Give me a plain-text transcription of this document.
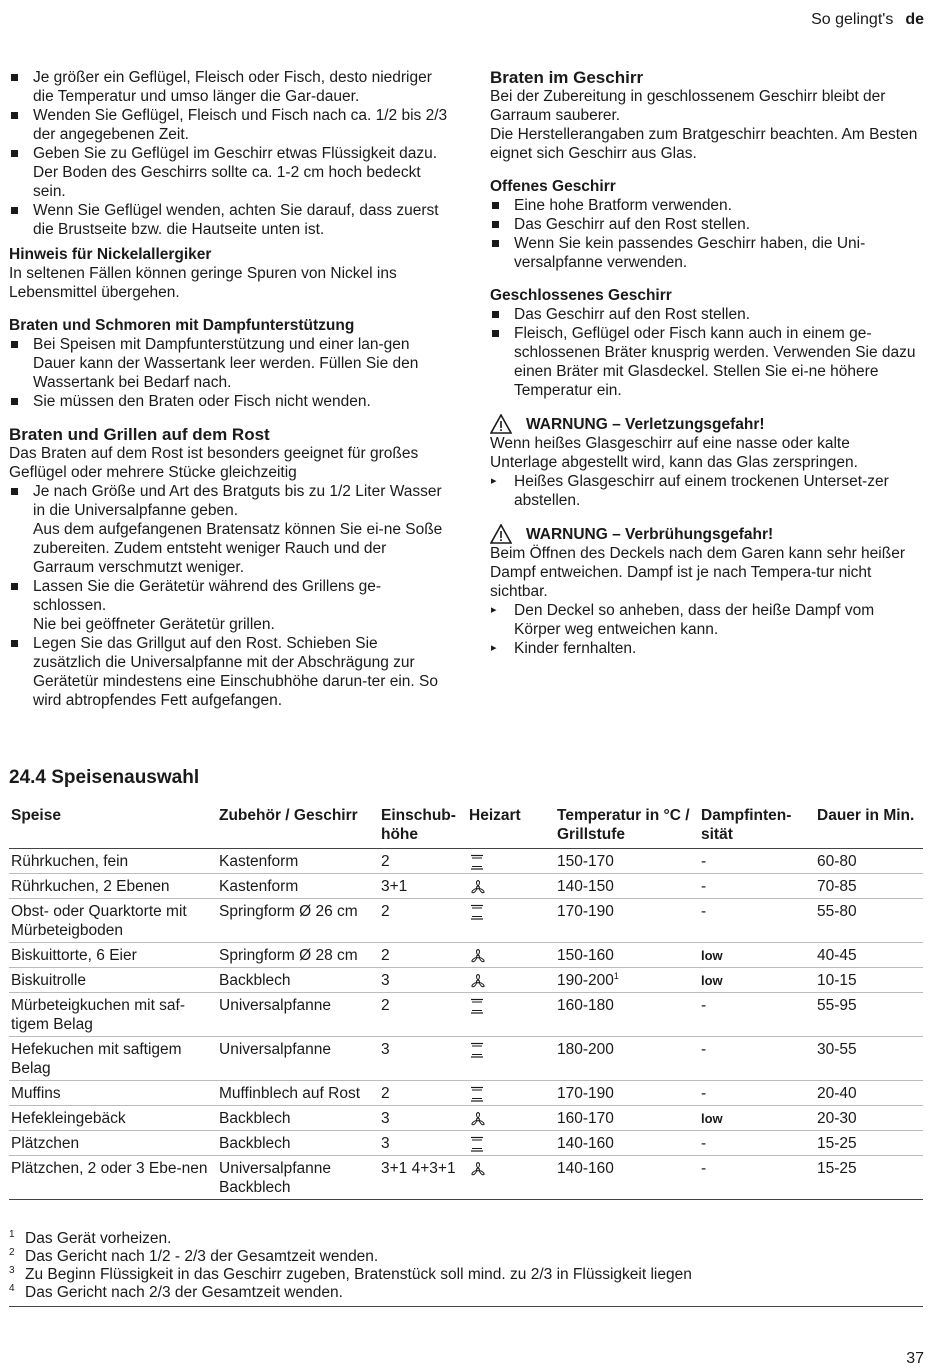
So gelingt's de
Je größer ein Geflügel, Fleisch oder Fisch, desto niedriger die Temperatur und umso länger die Gar-dauer.
Wenden Sie Geflügel, Fleisch und Fisch nach ca. 1/2 bis 2/3 der angegebenen Zeit.
Geben Sie zu Geflügel im Geschirr etwas Flüssigkeit dazu. Der Boden des Geschirrs sollte ca. 1-2 cm hoch bedeckt sein.
Wenn Sie Geflügel wenden, achten Sie darauf, dass zuerst die Brustseite bzw. die Hautseite unten ist.
Hinweis für Nickelallergiker

In seltenen Fällen können geringe Spuren von Nickel ins Lebensmittel übergehen.

Braten und Schmoren mit Dampfunterstützung
Bei Speisen mit Dampfunterstützung und einer lan-gen Dauer kann der Wassertank leer werden. Füllen Sie den Wassertank bei Bedarf nach.
Sie müssen den Braten oder Fisch nicht wenden.
Braten und Grillen auf dem Rost

Das Braten auf dem Rost ist besonders geeignet für großes Geflügel oder mehrere Stücke gleichzeitig

Je nach Größe und Art des Bratguts bis zu 1/2 Liter Wasser in die Universalpfanne geben.
Aus dem aufgefangenen Bratensatz können Sie ei-ne Soße zubereiten. Zudem entsteht weniger Rauch und der Garraum verschmutzt weniger.
Lassen Sie die Gerätetür während des Grillens ge-schlossen.
Nie bei geöffneter Gerätetür grillen.
Legen Sie das Grillgut auf den Rost. Schieben Sie zusätzlich die Universalpfanne mit der Abschrägung zur Gerätetür mindestens eine Einschubhöhe darun-ter ein. So wird abtropfendes Fett aufgefangen.
Braten im Geschirr

Bei der Zubereitung in geschlossenem Geschirr bleibt der Garraum sauberer.

Die Herstellerangaben zum Bratgeschirr beachten. Am Besten eignet sich Geschirr aus Glas.

Offenes Geschirr
Eine hohe Bratform verwenden.
Das Geschirr auf den Rost stellen.
Wenn Sie kein passendes Geschirr haben, die Uni-versalpfanne verwenden.
Geschlossenes Geschirr
Das Geschirr auf den Rost stellen.
Fleisch, Geflügel oder Fisch kann auch in einem ge-schlossenen Bräter knusprig werden. Verwenden Sie dazu einen Bräter mit Glasdeckel. Stellen Sie ei-ne höhere Temperatur ein.
WARNUNG – Verletzungsgefahr!

Wenn heißes Glasgeschirr auf eine nasse oder kalte Unterlage abgestellt wird, kann das Glas zerspringen.

▸ Heißes Glasgeschirr auf einem trockenen Unterset-zer abstellen.
WARNUNG – Verbrühungsgefahr!

Beim Öffnen des Deckels nach dem Garen kann sehr heißer Dampf entweichen. Dampf ist je nach Tempera-tur nicht sichtbar.

▸ Den Deckel so anheben, dass der heiße Dampf vom Körper weg entweichen kann.
▸ Kinder fernhalten.
24.4 Speisenauswahl
Speise	Zubehör / Geschirr	Einschub-höhe	Heizart	Temperatur in °C / Grillstufe	Dampfinten-sität	Dauer in Min.
Rührkuchen, fein	Kastenform	2		150-170	-	60-80
Rührkuchen, 2 Ebenen	Kastenform	3+1		140-150	-	70-85
Obst- oder Quarktorte mit Mürbeteigboden	Springform Ø 26 cm	2		170-190	-	55-80
Biskuittorte, 6 Eier	Springform Ø 28 cm	2		150-160	low	40-45
Biskuitrolle	Backblech	3		$190-200^1$	low	10-15
Mürbeteigkuchen mit saf-tigem Belag	Universalpfanne	2		160-180	-	55-95
Hefekuchen mit saftigem Belag	Universalpfanne	3		180-200	-	30-55
Muffins	Muffinblech auf Rost	2		170-190	-	20-40
Hefekleingebäck	Backblech	3		160-170	low	20-30
Plätzchen	Backblech	3		140-160	-	15-25
Plätzchen, 2 oder 3 Ebe-nen	Universalpfanne Backblech	3+1 4+3+1		140-160	-	15-25
1 Das Gerät vorheizen.
2 Das Gericht nach 1/2 - 2/3 der Gesamtzeit wenden.
3 Zu Beginn Flüssigkeit in das Geschirr zugeben, Bratenstück soll mind. zu 2/3 in Flüssigkeit liegen
4 Das Gericht nach 2/3 der Gesamtzeit wenden.
37
